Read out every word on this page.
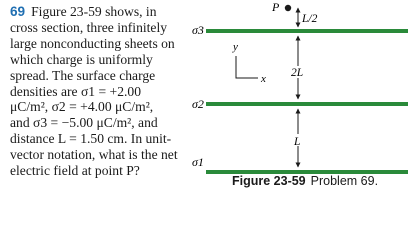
69 Figure 23-59 shows, in
cross section, three infinitely
large nonconducting sheets on
which charge is uniformly
spread. The surface charge
densities are σ1 = +2.00
μC/m², σ2 = +4.00 μC/m²,
and σ3 = −5.00 μC/m², and
distance L = 1.50 cm. In unit-
vector notation, what is the net
electric field at point P?
P
σ3
σ2
σ1
L/2
2L
L
y
x
Figure 23-59 Problem 69.
